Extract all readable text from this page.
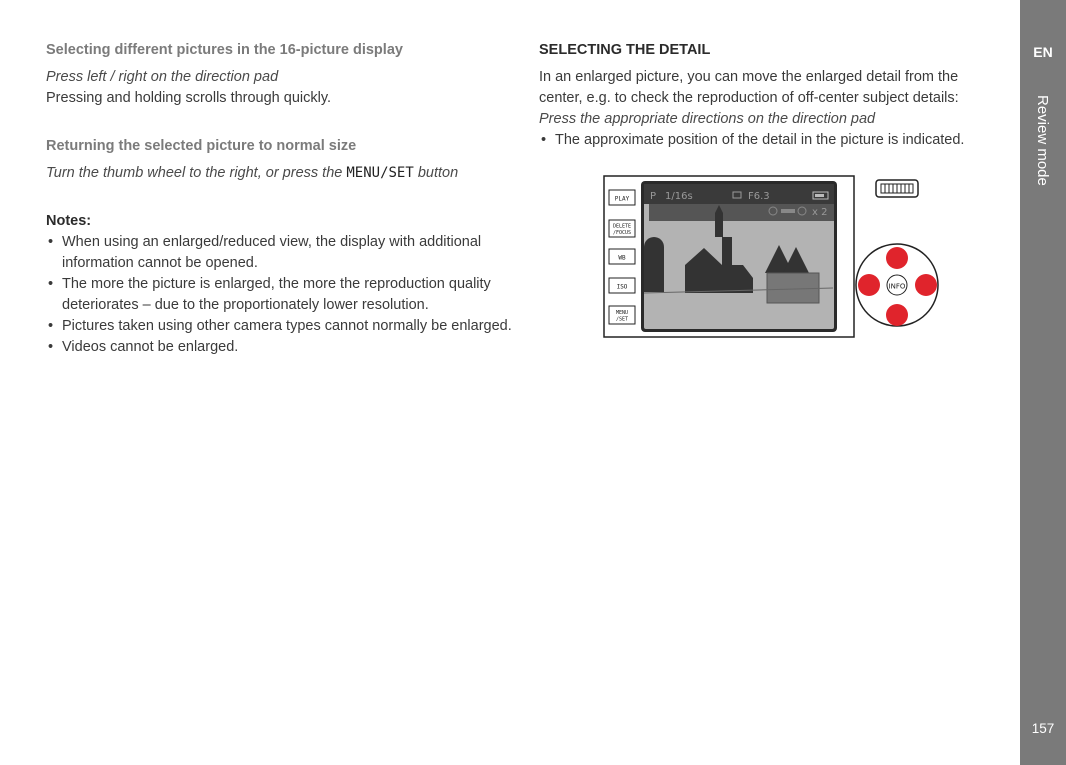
Selecting different pictures in the 16-picture display

Press left / right on the direction pad

Pressing and holding scrolls through quickly.

Returning the selected picture to normal size

Turn the thumb wheel to the right, or press the MENU/SET button

Notes:
• When using an enlarged/reduced view, the display with additional information cannot be opened.
• The more the picture is enlarged, the more the reproduction quality deteriorates – due to the proportionately lower resolution.
• Pictures taken using other camera types cannot normally be enlarged.
• Videos cannot be enlarged.
SELECTING THE DETAIL

In an enlarged picture, you can move the enlarged detail from the center, e.g. to check the reproduction of off-center subject details:

Press the appropriate directions on the direction pad

• The approximate position of the detail in the picture is indicated.
PLAY
DELETE
/FOCUS
WB
ISO
MENU
/SET
P 1/16s	F6.3
x 2
INFO
EN
Review mode
157
